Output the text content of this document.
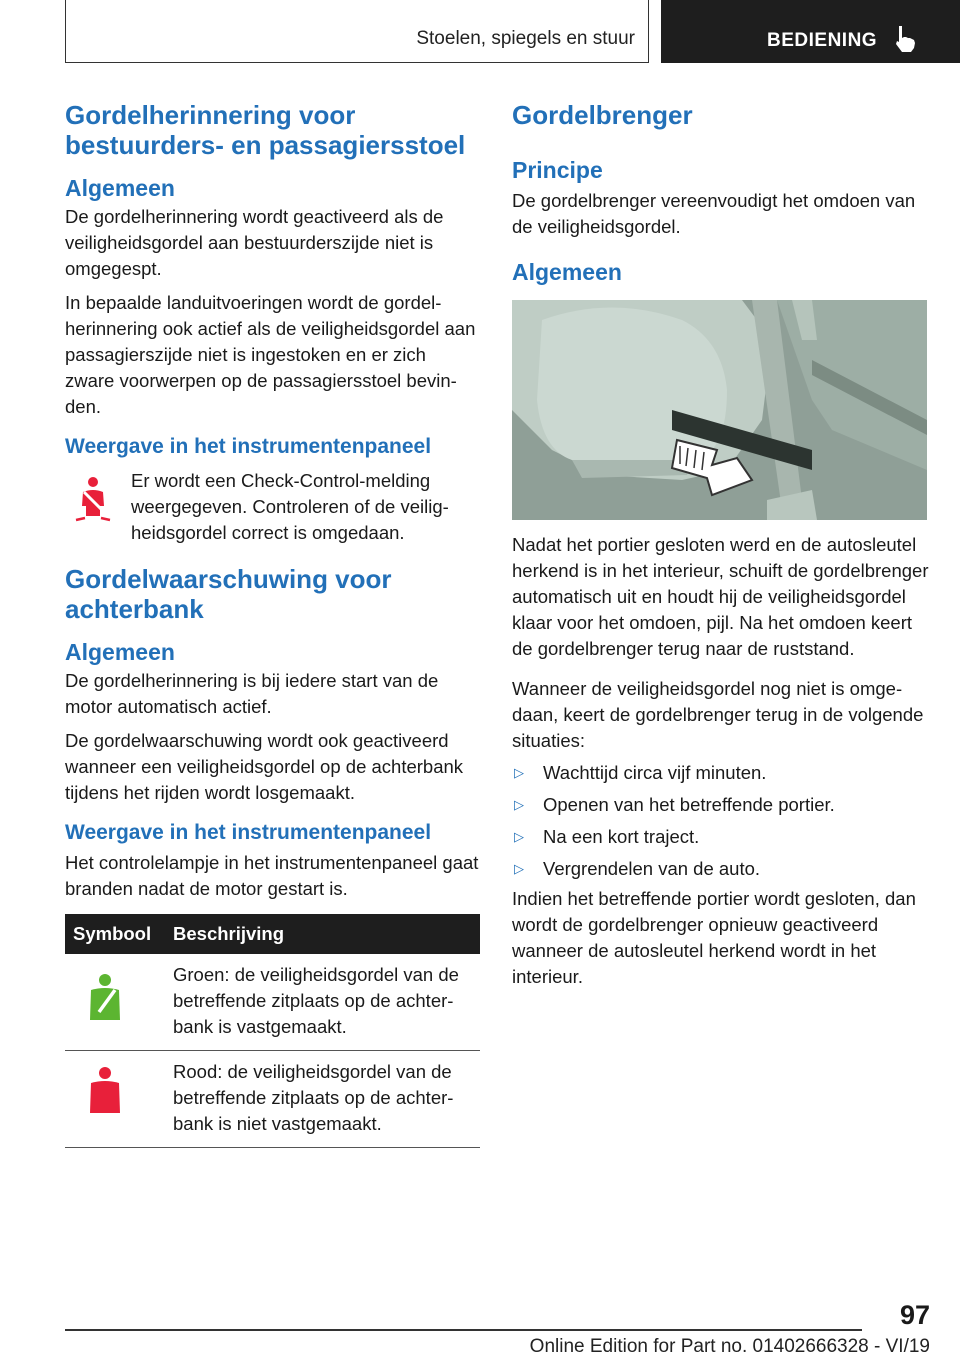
Stoelen, spiegels en stuur	BEDIENING
Gordelherinnering voor bestuurders- en passagiersstoel
Algemeen

De gordelherinnering wordt geactiveerd als de veiligheidsgordel aan bestuurderszijde niet is omgegespt.

In bepaalde landuitvoeringen wordt de gordelherinnering ook actief als de veiligheidsgordel aan passagierszijde niet is ingestoken en er zich zware voorwerpen op de passagiersstoel bevinden.

Weergave in het instrumentenpaneel

Er wordt een Check-Control-melding weergegeven. Controleren of de veiligheidsgordel correct is omgedaan.

Gordelwaarschuwing voor achterbank
Algemeen

De gordelherinnering is bij iedere start van de motor automatisch actief.

De gordelwaarschuwing wordt ook geactiveerd wanneer een veiligheidsgordel op de achterbank tijdens het rijden wordt losgemaakt.

Weergave in het instrumentenpaneel

Het controlelampje in het instrumentenpaneel gaat branden nadat de motor gestart is.

Symbool	Beschrijving
	Groen: de veiligheidsgordel van de betreffende zitplaats op de achterbank is vastgemaakt.
	Rood: de veiligheidsgordel van de betreffende zitplaats op de achterbank is niet vastgemaakt.
Gordelbrenger
Principe

De gordelbrenger vereenvoudigt het omdoen van de veiligheidsgordel.

Algemeen

Nadat het portier gesloten werd en de autosleutel herkend is in het interieur, schuift de gordelbrenger automatisch uit en houdt hij de veiligheidsgordel klaar voor het omdoen, pijl. Na het omdoen keert de gordelbrenger terug naar de ruststand.

Wanneer de veiligheidsgordel nog niet is omgedaan, keert de gordelbrenger terug in de volgende situaties:

▷	Wachttijd circa vijf minuten.
▷	Openen van het betreffende portier.
▷	Na een kort traject.
▷	Vergrendelen van de auto.

Indien het betreffende portier wordt gesloten, dan wordt de gordelbrenger opnieuw geactiveerd wanneer de autosleutel herkend wordt in het interieur.

97
Online Edition for Part no. 01402666328 - VI/19
